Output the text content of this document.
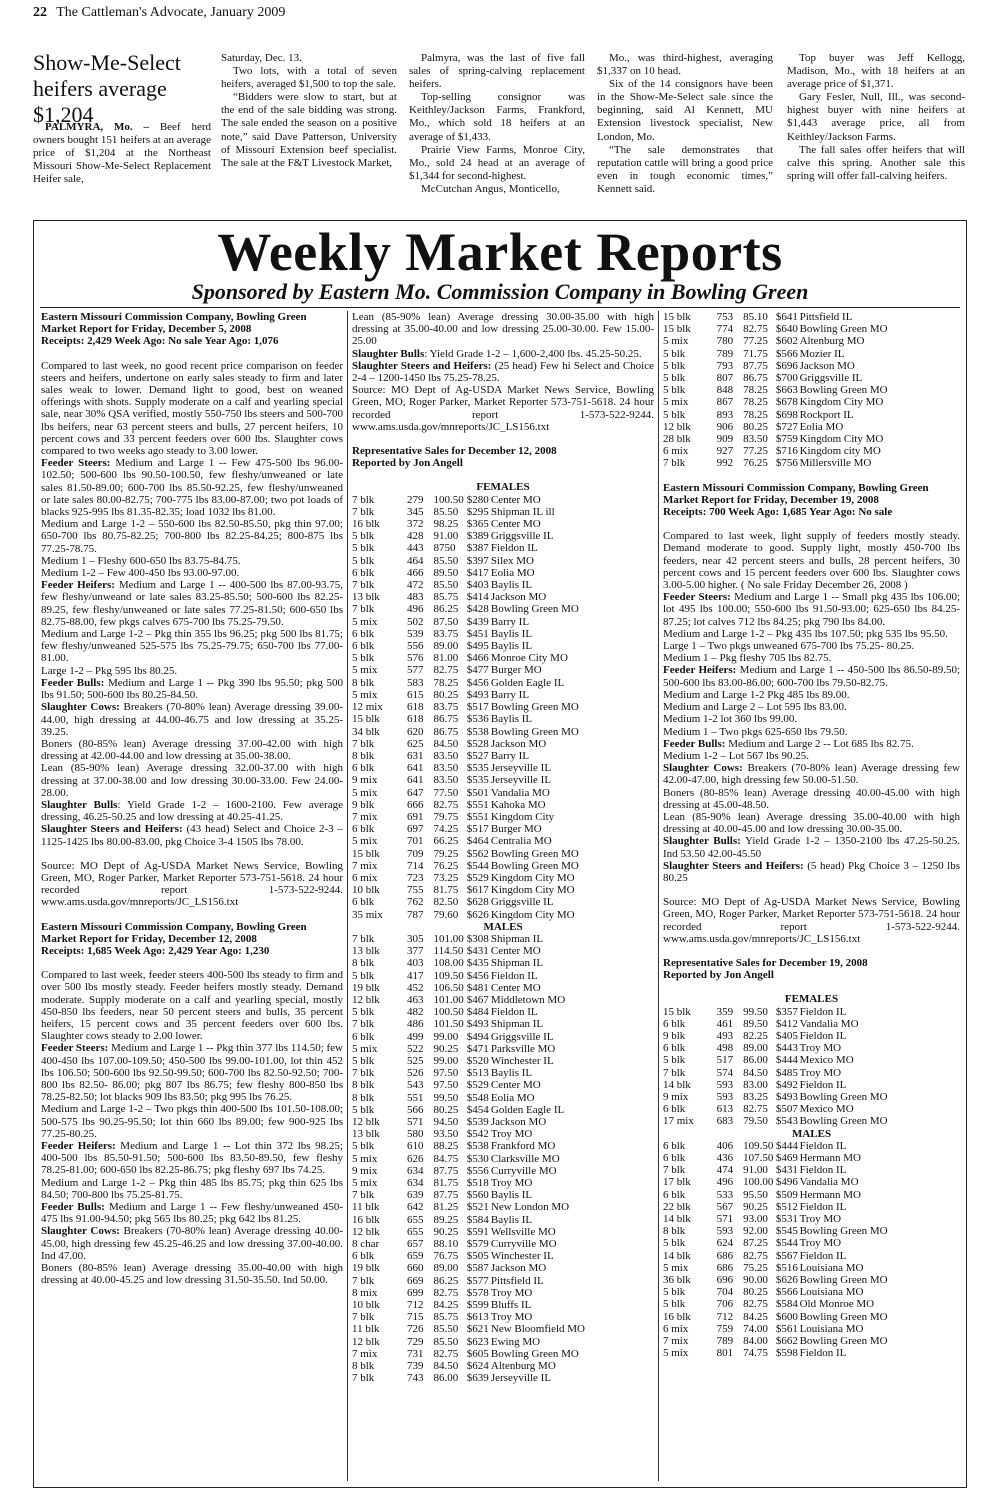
22 The Cattleman's Advocate, January 2009
Show-Me-Select heifers average $1,204

PALMYRA, Mo. – Beef herd owners bought 151 heifers at an average price of $1,204 at the Northeast Missouri Show-Me-Select Replacement Heifer sale,

Saturday, Dec. 13.

Two lots, with a total of seven heifers, averaged $1,500 to top the sale.

“Bidders were slow to start, but at the end of the sale bidding was strong. The sale ended the season on a positive note,” said Dave Patterson, University of Missouri Extension beef specialist. The sale at the F&T Livestock Market,

Palmyra, was the last of five fall sales of spring-calving replacement heifers.

Top-selling consignor was Keithley/Jackson Farms, Frankford, Mo., which sold 18 heifers at an average of $1,433.

Prairie View Farms, Monroe City, Mo., sold 24 head at an average of $1,344 for second-highest.

McCutchan Angus, Monticello,

Mo., was third-highest, averaging $1,337 on 10 head.

Six of the 14 consignors have been in the Show-Me-Select sale since the beginning, said Al Kennett, MU Extension livestock specialist, New London, Mo.

“The sale demonstrates that reputation cattle will bring a good price even in tough economic times,” Kennett said.

Top buyer was Jeff Kellogg, Madison, Mo., with 18 heifers at an average price of $1,371.

Gary Fesler, Null, Ill., was second-highest buyer with nine heifers at $1,443 average price, all from Keithley/Jackson Farms.

The fall sales offer heifers that will calve this spring. Another sale this spring will offer fall-calving heifers.

Weekly Market Reports
Sponsored by Eastern Mo. Commission Company in Bowling Green
Eastern Missouri Commission Company, Bowling Green Market Report for Friday, December 5, 2008
Receipts: 2,429 Week Ago: No sale Year Ago: 1,076

Compared to last week, no good recent price comparison on feeder steers and heifers, undertone on early sales steady to firm and later sales weak to lower. Demand light to good, best on weaned offerings with shots. Supply moderate on a calf and yearling special sale, near 30% QSA verified, mostly 550-750 lbs steers and 500-700 lbs heifers, near 63 percent steers and bulls, 27 percent heifers, 10 percent cows and 33 percent feeders over 600 lbs. Slaughter cows compared to two weeks ago steady to 3.00 lower.

Feeder Steers: Medium and Large 1 -- Few 475-500 lbs 96.00-102.50; 500-600 lbs 90.50-100.50, few fleshy/unweaned or late sales 81.50-89.00; 600-700 lbs 85.50-92.25, few fleshy/unweaned or late sales 80.00-82.75; 700-775 lbs 83.00-87.00; two pot loads of blacks 925-995 lbs 81.35-82.35; load 1032 lbs 81.00.

Medium and Large 1-2 – 550-600 lbs 82.50-85.50, pkg thin 97.00; 650-700 lbs 80.75-82.25; 700-800 lbs 82.25-84.25; 800-875 lbs 77.25-78.75.

Medium 1 – Fleshy 600-650 lbs 83.75-84.75.

Medium 1-2 – Few 400-450 lbs 93.00-97.00.

Feeder Heifers: Medium and Large 1 -- 400-500 lbs 87.00-93.75, few fleshy/unweand or late sales 83.25-85.50; 500-600 lbs 82.25-89.25, few fleshy/unweaned or late sales 77.25-81.50; 600-650 lbs 82.75-88.00, few pkgs calves 675-700 lbs 75.25-79.50.

Medium and Large 1-2 – Pkg thin 355 lbs 96.25; pkg 500 lbs 81.75; few fleshy/unweaned 525-575 lbs 75.25-79.75; 650-700 lbs 77.00-81.00.

Large 1-2 – Pkg 595 lbs 80.25.

Feeder Bulls: Medium and Large 1 -- Pkg 390 lbs 95.50; pkg 500 lbs 91.50; 500-600 lbs 80.25-84.50.

Slaughter Cows: Breakers (70-80% lean) Average dressing 39.00-44.00, high dressing at 44.00-46.75 and low dressing at 35.25-39.25.

Boners (80-85% lean) Average dressing 37.00-42.00 with high dressing at 42.00-44.00 and low dressing at 35.00-38.00.

Lean (85-90% lean) Average dressing 32.00-37.00 with high dressing at 37.00-38.00 and low dressing 30.00-33.00. Few 24.00-28.00.

Slaughter Bulls: Yield Grade 1-2 – 1600-2100. Few average dressing, 46.25-50.25 and low dressing at 40.25-41.25.

Slaughter Steers and Heifers: (43 head) Select and Choice 2-3 – 1125-1425 lbs 80.00-83.00, pkg Choice 3-4 1505 lbs 78.00.

Source: MO Dept of Ag-USDA Market News Service, Bowling Green, MO, Roger Parker, Market Reporter 573-751-5618. 24 hour recorded report 1-573-522-9244. www.ams.usda.gov/mnreports/JC_LS156.txt

Eastern Missouri Commission Company, Bowling Green Market Report for Friday, December 12, 2008
Receipts: 1,685 Week Ago: 2,429 Year Ago: 1,230

Compared to last week, feeder steers 400-500 lbs steady to firm and over 500 lbs mostly steady. Feeder heifers mostly steady. Demand moderate. Supply moderate on a calf and yearling special, mostly 450-850 lbs feeders, near 50 percent steers and bulls, 35 percent heifers, 15 percent cows and 35 percent feeders over 600 lbs. Slaughter cows steady to 2.00 lower.

Feeder Steers: Medium and Large 1 -- Pkg thin 377 lbs 114.50; few 400-450 lbs 107.00-109.50; 450-500 lbs 99.00-101.00, lot thin 452 lbs 106.50; 500-600 lbs 92.50-99.50; 600-700 lbs 82.50-92.50; 700-800 lbs 82.50- 86.00; pkg 807 lbs 86.75; few fleshy 800-850 lbs 78.25-82.50; lot blacks 909 lbs 83.50; pkg 995 lbs 76.25.

Medium and Large 1-2 – Two pkgs thin 400-500 lbs 101.50-108.00; 500-575 lbs 90.25-95.50; lot thin 660 lbs 89.00; few 900-925 lbs 77.25-80.25.

Feeder Heifers: Medium and Large 1 -- Lot thin 372 lbs 98.25; 400-500 lbs 85.50-91.50; 500-600 lbs 83.50-89.50, few fleshy 78.25-81.00; 600-650 lbs 82.25-86.75; pkg fleshy 697 lbs 74.25.

Medium and Large 1-2 – Pkg thin 485 lbs 85.75; pkg thin 625 lbs 84.50; 700-800 lbs 75.25-81.75.

Feeder Bulls: Medium and Large 1 -- Few fleshy/unweaned 450-475 lbs 91.00-94.50; pkg 565 lbs 80.25; pkg 642 lbs 81.25.

Slaughter Cows: Breakers (70-80% lean) Average dressing 40.00-45.00, high dressing few 45.25-46.25 and low dressing 37.00-40.00. Ind 47.00.

Boners (80-85% lean) Average dressing 35.00-40.00 with high dressing at 40.00-45.25 and low dressing 31.50-35.50. Ind 50.00.

Lean (85-90% lean) Average dressing 30.00-35.00 with high dressing at 35.00-40.00 and low dressing 25.00-30.00. Few 15.00-25.00

Slaughter Bulls: Yield Grade 1-2 – 1,600-2,400 lbs. 45.25-50.25.

Slaughter Steers and Heifers: (25 head) Few hi Select and Choice 2-4 – 1200-1450 lbs 75.25-78.25.

Source: MO Dept of Ag-USDA Market News Service, Bowling Green, MO, Roger Parker, Market Reporter 573-751-5618. 24 hour recorded report 1-573-522-9244. www.ams.usda.gov/mnreports/JC_LS156.txt

Representative Sales for December 12, 2008
Reported by Jon Angell
FEMALES
7 blk	279	100.50	$280	Center MO
7 blk	345	85.50	$295	Shipman IL ill
16 blk	372	98.25	$365	Center MO
5 blk	428	91.00	$389	Griggsville IL
5 blk	443	8750	$387	Fieldon IL
5 blk	464	85.50	$397	Silex MO
6 blk	466	89.50	$417	Eolia MO
7 blk	472	85.50	$403	Baylis IL
13 blk	483	85.75	$414	Jackson MO
7 blk	496	86.25	$428	Bowling Green MO
5 mix	502	87.50	$439	Barry IL
6 blk	539	83.75	$451	Baylis IL
6 blk	556	89.00	$495	Baylis IL
5 blk	576	81.00	$466	Monroe City MO
5 mix	577	82.75	$477	Burger MO
8 blk	583	78.25	$456	Golden Eagle IL
5 mix	615	80.25	$493	Barry IL
12 mix	618	83.75	$517	Bowling Green MO
15 blk	618	86.75	$536	Baylis IL
34 blk	620	86.75	$538	Bowling Green MO
7 blk	625	84.50	$528	Jackson MO
8 blk	631	83.50	$527	Barry IL
6 blk	641	83.50	$535	Jerseyville IL
9 mix	641	83.50	$535	Jerseyville IL
5 mix	647	77.50	$501	Vandalia MO
9 blk	666	82.75	$551	Kahoka MO
7 mix	691	79.75	$551	Kingdom City
6 blk	697	74.25	$517	Burger MO
5 mix	701	66.25	$464	Centralia MO
15 blk	709	79.25	$562	Bowling Green MO
7 mix	714	76.25	$544	Bowling Green MO
6 mix	723	73.25	$529	Kingdom City MO
10 blk	755	81.75	$617	Kingdom City MO
6 blk	762	82.50	$628	Griggsville IL
35 mix	787	79.60	$626	Kingdom City MO
MALES
7 blk	305	101.00	$308	Shipman IL
13 blk	377	114.50	$431	Center MO
8 blk	403	108.00	$435	Shipman IL
5 blk	417	109.50	$456	Fieldon IL
19 blk	452	106.50	$481	Center MO
12 blk	463	101.00	$467	Middletown MO
5 blk	482	100.50	$484	Fieldon IL
7 blk	486	101.50	$493	Shipman IL
6 blk	499	99.00	$494	Griggsville IL
5 mix	522	90.25	$471	Parksville MO
5 blk	525	99.00	$520	Winchester IL
7 blk	526	97.50	$513	Baylis IL
8 blk	543	97.50	$529	Center MO
8 blk	551	99.50	$548	Eolia MO
5 blk	566	80.25	$454	Golden Eagle IL
12 blk	571	94.50	$539	Jackson MO
13 blk	580	93.50	$542	Troy MO
5 blk	610	88.25	$538	Frankford MO
5 mix	626	84.75	$530	Clarksville MO
9 mix	634	87.75	$556	Curryville MO
5 mix	634	81.75	$518	Troy MO
7 blk	639	87.75	$560	Baylis IL
11 blk	642	81.25	$521	New London MO
16 blk	655	89.25	$584	Baylis IL
12 blk	655	90.25	$591	Wellsville MO
8 char	657	88.10	$579	Curryville MO
6 blk	659	76.75	$505	Winchester IL
19 blk	660	89.00	$587	Jackson MO
7 blk	669	86.25	$577	Pittsfield IL
8 mix	699	82.75	$578	Troy MO
10 blk	712	84.25	$599	Bluffs IL
7 blk	715	85.75	$613	Troy MO
11 blk	726	85.50	$621	New Bloomfield MO
12 blk	729	85.50	$623	Ewing MO
7 mix	731	82.75	$605	Bowling Green MO
8 blk	739	84.50	$624	Altenburg MO
7 blk	743	86.00	$639	Jerseyville IL
15 blk	753	85.10	$641	Pittsfield IL
15 blk	774	82.75	$640	Bowling Green MO
5 mix	780	77.25	$602	Altenburg MO
5 blk	789	71.75	$566	Mozier IL
5 blk	793	87.75	$696	Jackson MO
5 blk	807	86.75	$700	Griggsville IL
5 blk	848	78.25	$663	Bowling Green MO
5 mix	867	78.25	$678	Kingdom City MO
5 blk	893	78.25	$698	Rockport IL
12 blk	906	80.25	$727	Eolia MO
28 blk	909	83.50	$759	Kingdom City MO
6 mix	927	77.25	$716	Kingdom city MO
7 blk	992	76.25	$756	Millersville MO
Eastern Missouri Commission Company, Bowling Green Market Report for Friday, December 19, 2008
Receipts: 700 Week Ago: 1,685 Year Ago: No sale

Compared to last week, light supply of feeders mostly steady. Demand moderate to good. Supply light, mostly 450-700 lbs feeders, near 42 percent steers and bulls, 28 percent heifers, 30 percent cows and 15 percent feeders over 600 lbs. Slaughter cows 3.00-5.00 higher. ( No sale Friday December 26, 2008 )

Feeder Steers: Medium and Large 1 -- Small pkg 435 lbs 106.00; lot 495 lbs 100.00; 550-600 lbs 91.50-93.00; 625-650 lbs 84.25-87.25; lot calves 712 lbs 84.25; pkg 790 lbs 84.00.

Medium and Large 1-2 – Pkg 435 lbs 107.50; pkg 535 lbs 95.50.

Large 1 – Two pkgs unweaned 675-700 lbs 75.25- 80.25.

Medium 1 – Pkg fleshy 705 lbs 82.75.

Feeder Heifers: Medium and Large 1 -- 450-500 lbs 86.50-89.50; 500-600 lbs 83.00-86.00; 600-700 lbs 79.50-82.75.

Medium and Large 1-2 Pkg 485 lbs 89.00.

Medium and Large 2 – Lot 595 lbs 83.00.

Medium 1-2 lot 360 lbs 99.00.

Medium 1 – Two pkgs 625-650 lbs 79.50.

Feeder Bulls: Medium and Large 2 -- Lot 685 lbs 82.75.

Medium 1-2 – Lot 567 lbs 90.25.

Slaughter Cows: Breakers (70-80% lean) Average dressing few 42.00-47.00, high dressing few 50.00-51.50.

Boners (80-85% lean) Average dressing 40.00-45.00 with high dressing at 45.00-48.50.

Lean (85-90% lean) Average dressing 35.00-40.00 with high dressing at 40.00-45.00 and low dressing 30.00-35.00.

Slaughter Bulls: Yield Grade 1-2 – 1350-2100 lbs 47.25-50.25. Ind 53.50 42.00-45.50

Slaughter Steers and Heifers: (5 head) Pkg Choice 3 – 1250 lbs 80.25

Source: MO Dept of Ag-USDA Market News Service, Bowling Green, MO, Roger Parker, Market Reporter 573-751-5618. 24 hour recorded report 1-573-522-9244. www.ams.usda.gov/mnreports/JC_LS156.txt

Representative Sales for December 19, 2008
Reported by Jon Angell
FEMALES
15 blk	359	99.50	$357	Fieldon IL
6 blk	461	89.50	$412	Vandalia MO
9 blk	493	82.25	$405	Fieldon IL
6 blk	498	89.00	$443	Troy MO
5 blk	517	86.00	$444	Mexico MO
7 blk	574	84.50	$485	Troy MO
14 blk	593	83.00	$492	Fieldon IL
9 mix	593	83.25	$493	Bowling Green MO
6 blk	613	82.75	$507	Mexico MO
17 mix	683	79.50	$543	Bowling Green MO
MALES
6 blk	406	109.50	$444	Fieldon IL
6 blk	436	107.50	$469	Hermann MO
7 blk	474	91.00	$431	Fieldon IL
17 blk	496	100.00	$496	Vandalia MO
6 blk	533	95.50	$509	Hermann MO
22 blk	567	90.25	$512	Fieldon IL
14 blk	571	93.00	$531	Troy MO
8 blk	593	92.00	$545	Bowling Green MO
5 blk	624	87.25	$544	Troy MO
14 blk	686	82.75	$567	Fieldon IL
5 mix	686	75.25	$516	Louisiana MO
36 blk	696	90.00	$626	Bowling Green MO
5 blk	704	80.25	$566	Louisiana MO
5 blk	706	82.75	$584	Old Monroe MO
16 blk	712	84.25	$600	Bowling Green MO
6 mix	759	74.00	$561	Louisiana MO
7 mix	789	84.00	$662	Bowling Green MO
5 mix	801	74.75	$598	Fieldon IL
